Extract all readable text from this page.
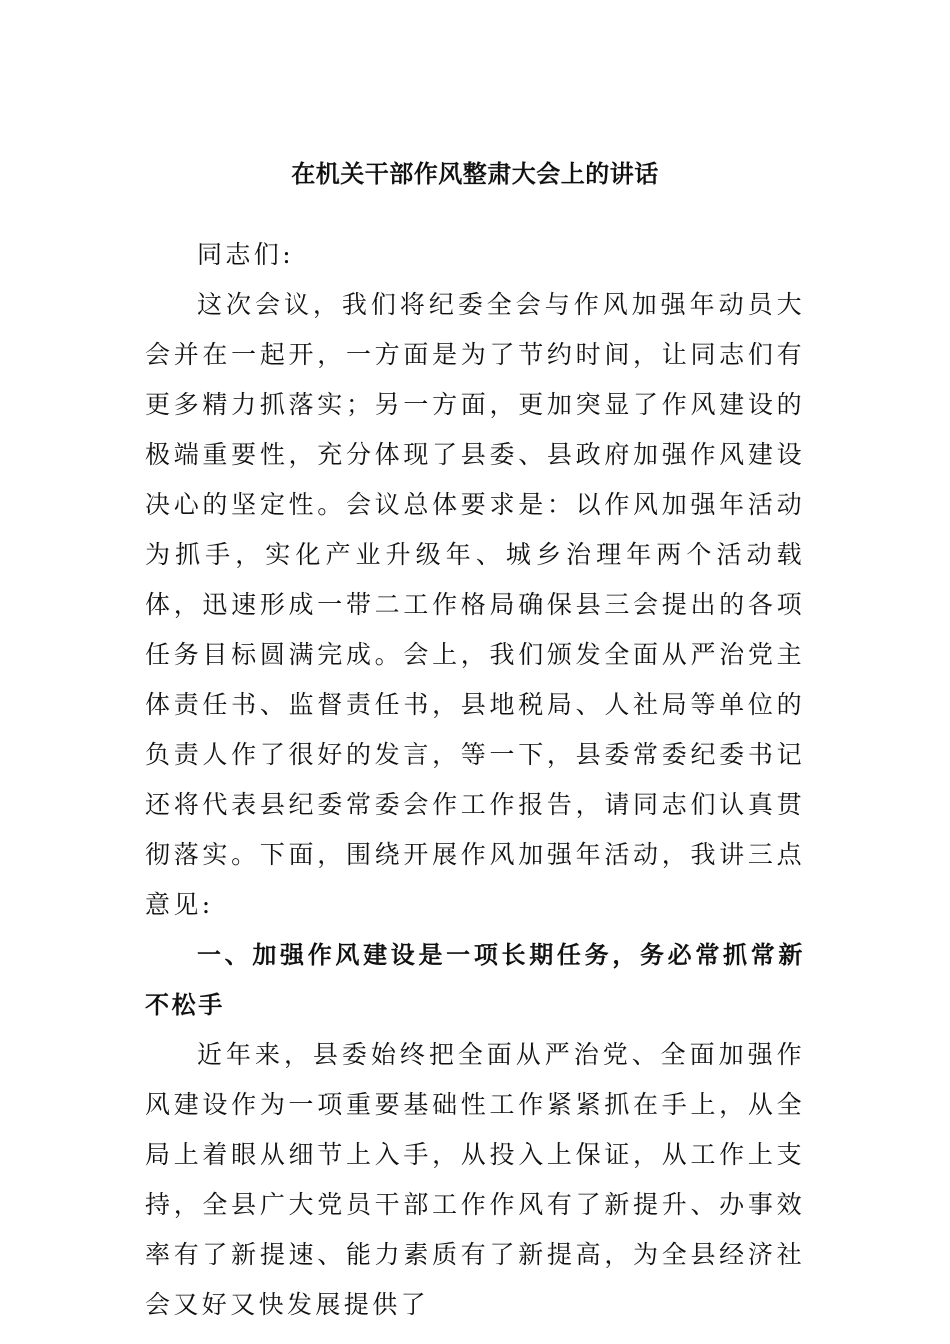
在机关干部作风整肃大会上的讲话

同志们:

这次会议，我们将纪委全会与作风加强年动员大会并在一起开，一方面是为了节约时间，让同志们有更多精力抓落实；另一方面，更加突显了作风建设的极端重要性，充分体现了县委、县政府加强作风建设决心的坚定性。会议总体要求是：以作风加强年活动为抓手，实化产业升级年、城乡治理年两个活动载体，迅速形成一带二工作格局确保县三会提出的各项任务目标圆满完成。会上，我们颁发全面从严治党主体责任书、监督责任书，县地税局、人社局等单位的负责人作了很好的发言，等一下，县委常委纪委书记还将代表县纪委常委会作工作报告，请同志们认真贯彻落实。下面，围绕开展作风加强年活动，我讲三点意见:

一、加强作风建设是一项长期任务，务必常抓常新不松手

近年来，县委始终把全面从严治党、全面加强作风建设作为一项重要基础性工作紧紧抓在手上，从全局上着眼从细节上入手，从投入上保证，从工作上支持，全县广大党员干部工作作风有了新提升、办事效率有了新提速、能力素质有了新提高，为全县经济社会又好又快发展提供了
